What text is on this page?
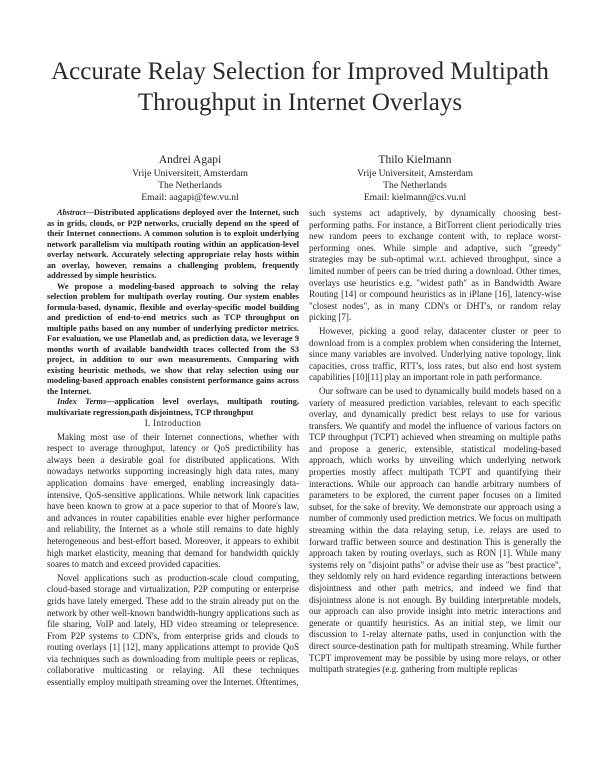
Accurate Relay Selection for Improved Multipath Throughput in Internet Overlays
Andrei Agapi
Vrije Universiteit, Amsterdam
The Netherlands
Email: aagapi@few.vu.nl
Thilo Kielmann
Vrije Universiteit, Amsterdam
The Netherlands
Email: kielmann@cs.vu.nl

Abstract—Distributed applications deployed over the Internet, such as in grids, clouds, or P2P networks, crucially depend on the speed of their Internet connections. A common solution is to exploit underlying network parallelism via multipath routing within an application-level overlay network. Accurately selecting appropriate relay hosts within an overlay, however, remains a challenging problem, frequently addressed by simple heuristics.

We propose a modeling-based approach to solving the relay selection problem for multipath overlay routing. Our system enables formula-based, dynamic, flexible and overlay-specific model building and prediction of end-to-end metrics such as TCP throughput on multiple paths based on any number of underlying predictor metrics. For evaluation, we use Planetlab and, as prediction data, we leverage 9 months worth of available bandwidth traces collected from the S3 project, in addition to our own measurements. Comparing with existing heuristic methods, we show that relay selection using our modeling-based approach enables consistent performance gains across the Internet.

Index Terms—application level overlays, multipath routing, multivariate regression,path disjointness, TCP throughput

I. Introduction

Making most use of their Internet connections, whether with respect to average throughput, latency or QoS predictibility has always been a desirable goal for distributed applications. With nowadays networks supporting increasingly high data rates, many application domains have emerged, enabling increasingly data-intensive, QoS-sensitive applications. While network link capacities have been known to grow at a pace superior to that of Moore's law, and advances in router capabilities enable ever higher performance and reliability, the Internet as a whole still remains to date highly heterogeneous and best-effort based. Moreover, it appears to exhibit high market elasticity, meaning that demand for bandwidth quickly soares to match and exceed provided capacities.

Novel applications such as production-scale cloud computing, cloud-based storage and virtualization, P2P computing or enterprise grids have lately emerged. These add to the strain already put on the network by other well-known bandwidth-hungry applications such as file sharing, VoIP and lately, HD video streaming or telepresence. From P2P systems to CDN's, from enterprise grids and clouds to routing overlays [1] [12], many applications attempt to provide QoS via techniques such as downloading from multiple peers or replicas, collaborative multicasting or relaying. All these techniques essentially employ multipath streaming over the Internet. Oftentimes,

such systems act adaptively, by dynamically choosing best-performing paths. For instance, a BitTorrent client periodically tries new random peers to exchange content with, to replace worst-performing ones. While simple and adaptive, such "greedy" strategies may be sub-optimal w.r.t. achieved throughput, since a limited number of peers can be tried during a download. Other times, overlays use heuristics e.g. "widest path" as in Bandwidth Aware Routing [14] or compound heuristics as in iPlane [16], latency-wise "closest nodes", as in many CDN's or DHT's, or random relay picking [7].

However, picking a good relay, datacenter cluster or peer to download from is a complex problem when considering the Internet, since many variables are involved. Underlying native topology, link capacities, cross traffic, RTT's, loss rates, but also end host system capabilities [10][11] play an important role in path performance.

Our software can be used to dynamically build models based on a variety of measured prediction variables, relevant to each specific overlay, and dynamically predict best relays to use for various transfers. We quantify and model the influence of various factors on TCP throughput (TCPT) achieved when streaming on multiple paths and propose a generic, extensible, statistical modeling-based approach, which works by unveiling which underlying network properties mostly affect multipath TCPT and quantifying their interactions. While our approach can handle arbitrary numbers of parameters to be explored, the current paper focuses on a limited subset, for the sake of brevity. We demonstrate our approach using a number of commonly used prediction metrics. We focus on multipath streaming within the data relaying setup, i.e. relays are used to forward traffic between source and destination This is generally the approach taken by routing overlays, such as RON [1]. While many systems rely on "disjoint paths" or advise their use as "best practice", they seldomly rely on hard evidence regarding interactions between disjointness and other path metrics, and indeed we find that disjointness alone is not enough. By building interpretable models, our approach can also provide insight into metric interactions and generate or quantify heuristics. As an initial step, we limit our discussion to 1-relay alternate paths, used in conjunction with the direct source-destination path for multipath streaming. While further TCPT improvement may be possible by using more relays, or other multipath strategies (e.g. gathering from multiple replicas
